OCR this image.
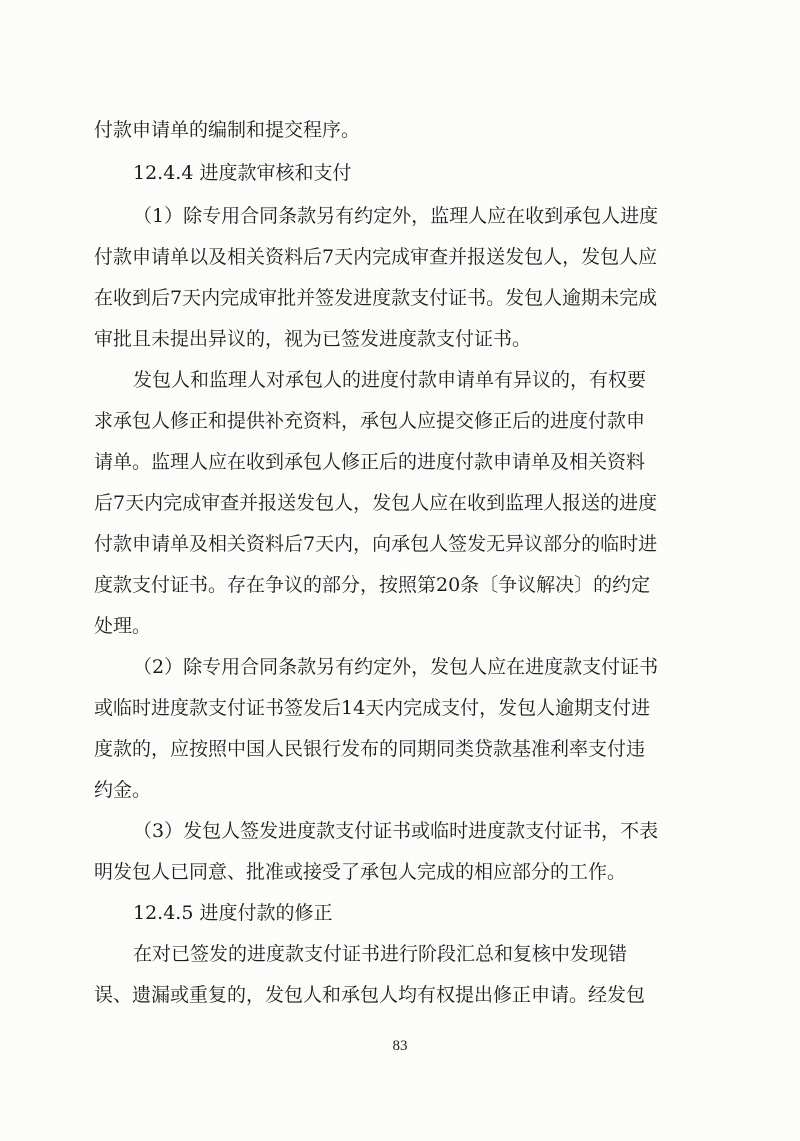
付款申请单的编制和提交程序。
12.4.4 进度款审核和支付
（1）除专用合同条款另有约定外，监理人应在收到承包人进度
付款申请单以及相关资料后7天内完成审查并报送发包人，发包人应
在收到后7天内完成审批并签发进度款支付证书。发包人逾期未完成
审批且未提出异议的，视为已签发进度款支付证书。
发包人和监理人对承包人的进度付款申请单有异议的，有权要
求承包人修正和提供补充资料，承包人应提交修正后的进度付款申
请单。监理人应在收到承包人修正后的进度付款申请单及相关资料
后7天内完成审查并报送发包人，发包人应在收到监理人报送的进度
付款申请单及相关资料后7天内，向承包人签发无异议部分的临时进
度款支付证书。存在争议的部分，按照第20条〔争议解决〕的约定
处理。
（2）除专用合同条款另有约定外，发包人应在进度款支付证书
或临时进度款支付证书签发后14天内完成支付，发包人逾期支付进
度款的，应按照中国人民银行发布的同期同类贷款基准利率支付违
约金。
（3）发包人签发进度款支付证书或临时进度款支付证书，不表
明发包人已同意、批准或接受了承包人完成的相应部分的工作。
12.4.5 进度付款的修正
在对已签发的进度款支付证书进行阶段汇总和复核中发现错
误、遗漏或重复的，发包人和承包人均有权提出修正申请。经发包
83
